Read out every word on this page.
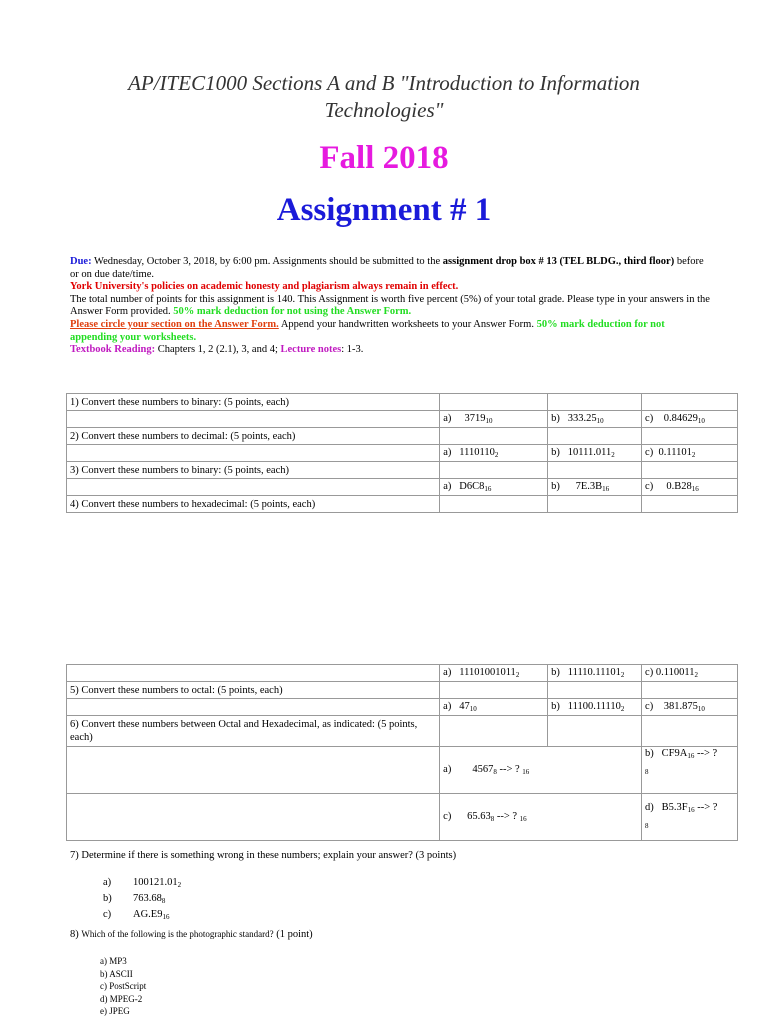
AP/ITEC1000 Sections A and B "Introduction to Information
Technologies"
Fall 2018
Assignment # 1
Due: Wednesday, October 3, 2018, by 6:00 pm. Assignments should be submitted to the assignment drop box # 13 (TEL BLDG., third floor) before or on due date/time.
York University's policies on academic honesty and plagiarism always remain in effect.
The total number of points for this assignment is 140. This Assignment is worth five percent (5%) of your total grade. Please type in your answers in the Answer Form provided. 50% mark deduction for not using the Answer Form.
Please circle your section on the Answer Form. Append your handwritten worksheets to your Answer Form. 50% mark deduction for not appending your worksheets.
Textbook Reading: Chapters 1, 2 (2.1), 3, and 4; Lecture notes: 1-3.
1) Convert these numbers to binary: (5 points, each)			
	a)     $3719_{10}$	b)   $333.25_{10}$	c)    $0.84629_{10}$
2) Convert these numbers to decimal: (5 points, each)			
	a)   $1110110_2$	b)   $10111.011_2$	c)  $0.11101_2$
3) Convert these numbers to binary: (5 points, each)			
	a)   $D6C8_{16}$	b)      $7E.3B_{16}$	c)     $0.B28_{16}$
4) Convert these numbers to hexadecimal: (5 points, each)			
	a)   $11101001011_2$	b)   $11110.11101_2$	c) $0.110011_2$
5) Convert these numbers to octal: (5 points, each)			
	a)   $47_{10}$	b)   $11100.11110_2$	c)    $381.875_{10}$
6) Convert these numbers between Octal and Hexadecimal, as indicated: (5 points, each)			
	a)        $4567_8$ --> ? $_{16}$		b)   $CF9A_{16}$ --> ?
$_8$
	c)      $65.63_8$ --> ? $_{16}$		d)   $B5.3F_{16}$ --> ?
$_8$
7) Determine if there is something wrong in these numbers; explain your answer? (3 points)
a) $100121.01_2$
b) $763.68_8$
c) $AG.E9_{16}$
8) Which of the following is the photographic standard? (1 point)
a) MP3
b) ASCII
c) PostScript
d) MPEG-2
e) JPEG
